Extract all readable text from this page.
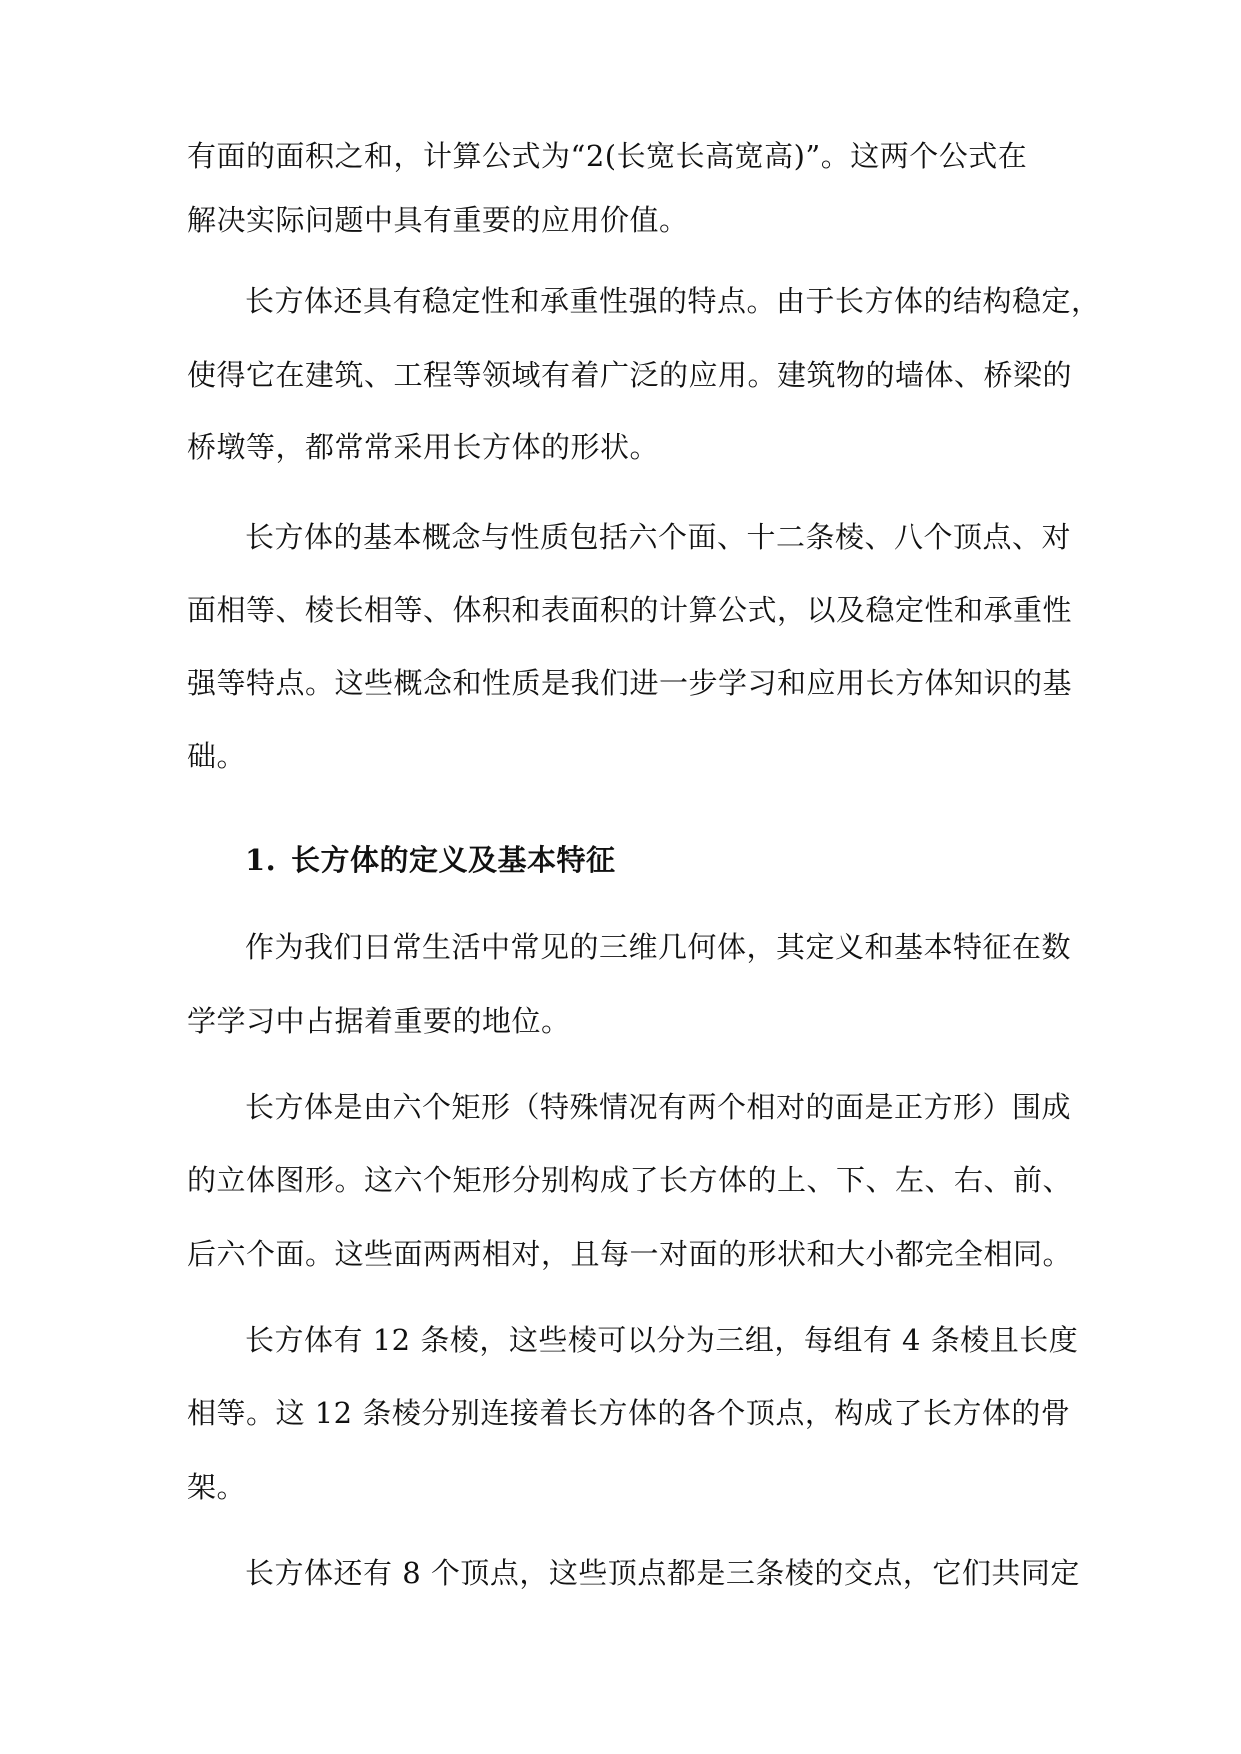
有面的面积之和，计算公式为“2(长宽长高宽高)”。这两个公式在
解决实际问题中具有重要的应用价值。
长方体还具有稳定性和承重性强的特点。由于长方体的结构稳定，
使得它在建筑、工程等领域有着广泛的应用。建筑物的墙体、桥梁的
桥墩等，都常常采用长方体的形状。
长方体的基本概念与性质包括六个面、十二条棱、八个顶点、对
面相等、棱长相等、体积和表面积的计算公式，以及稳定性和承重性
强等特点。这些概念和性质是我们进一步学习和应用长方体知识的基
础。
1. 长方体的定义及基本特征
作为我们日常生活中常见的三维几何体，其定义和基本特征在数
学学习中占据着重要的地位。
长方体是由六个矩形（特殊情况有两个相对的面是正方形）围成
的立体图形。这六个矩形分别构成了长方体的上、下、左、右、前、
后六个面。这些面两两相对，且每一对面的形状和大小都完全相同。
长方体有 12 条棱，这些棱可以分为三组，每组有 4 条棱且长度
相等。这 12 条棱分别连接着长方体的各个顶点，构成了长方体的骨
架。
长方体还有 8 个顶点，这些顶点都是三条棱的交点，它们共同定
